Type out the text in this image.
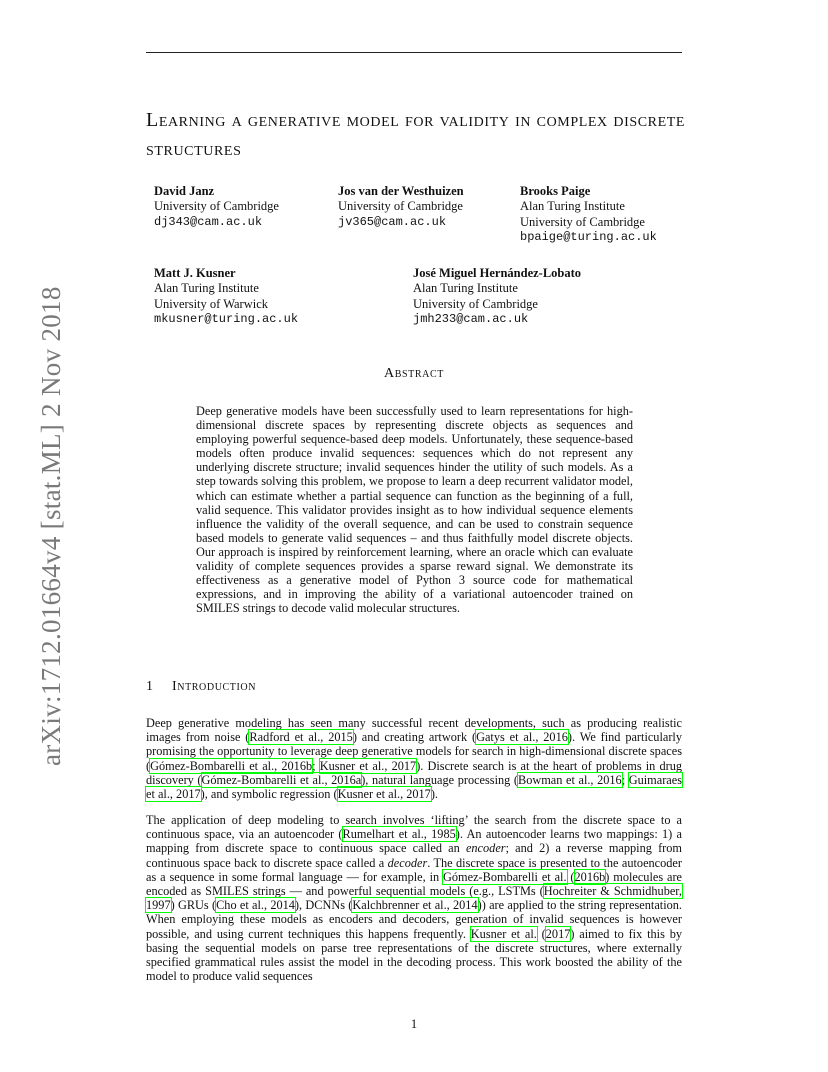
arXiv:1712.01664v4 [stat.ML] 2 Nov 2018
Learning a generative model for validity in complex discrete structures
David Janz
University of Cambridge
dj343@cam.ac.uk
Jos van der Westhuizen
University of Cambridge
jv365@cam.ac.uk
Brooks Paige
Alan Turing Institute
University of Cambridge
bpaige@turing.ac.uk
Matt J. Kusner
Alan Turing Institute
University of Warwick
mkusner@turing.ac.uk
José Miguel Hernández-Lobato
Alan Turing Institute
University of Cambridge
jmh233@cam.ac.uk
Abstract

Deep generative models have been successfully used to learn representations for high-dimensional discrete spaces by representing discrete objects as sequences and employing powerful sequence-based deep models. Unfortunately, these sequence-based models often produce invalid sequences: sequences which do not represent any underlying discrete structure; invalid sequences hinder the utility of such models. As a step towards solving this problem, we propose to learn a deep recurrent validator model, which can estimate whether a partial sequence can function as the beginning of a full, valid sequence. This validator provides insight as to how individual sequence elements influence the validity of the overall sequence, and can be used to constrain sequence based models to generate valid sequences – and thus faithfully model discrete objects. Our approach is inspired by reinforcement learning, where an oracle which can evaluate validity of complete sequences provides a sparse reward signal. We demonstrate its effectiveness as a generative model of Python 3 source code for mathematical expressions, and in improving the ability of a variational autoencoder trained on SMILES strings to decode valid molecular structures.

1 Introduction

Deep generative modeling has seen many successful recent developments, such as producing realistic images from noise (Radford et al., 2015) and creating artwork (Gatys et al., 2016). We find particularly promising the opportunity to leverage deep generative models for search in high-dimensional discrete spaces (Gómez-Bombarelli et al., 2016b; Kusner et al., 2017). Discrete search is at the heart of problems in drug discovery (Gómez-Bombarelli et al., 2016a), natural language processing (Bowman et al., 2016; Guimaraes et al., 2017), and symbolic regression (Kusner et al., 2017).

The application of deep modeling to search involves ‘lifting’ the search from the discrete space to a continuous space, via an autoencoder (Rumelhart et al., 1985). An autoencoder learns two mappings: 1) a mapping from discrete space to continuous space called an encoder; and 2) a reverse mapping from continuous space back to discrete space called a decoder. The discrete space is presented to the autoencoder as a sequence in some formal language — for example, in Gómez-Bombarelli et al. (2016b) molecules are encoded as SMILES strings — and powerful sequential models (e.g., LSTMs (Hochreiter & Schmidhuber, 1997) GRUs (Cho et al., 2014), DCNNs (Kalchbrenner et al., 2014)) are applied to the string representation. When employing these models as encoders and decoders, generation of invalid sequences is however possible, and using current techniques this happens frequently. Kusner et al. (2017) aimed to fix this by basing the sequential models on parse tree representations of the discrete structures, where externally specified grammatical rules assist the model in the decoding process. This work boosted the ability of the model to produce valid sequences

1
